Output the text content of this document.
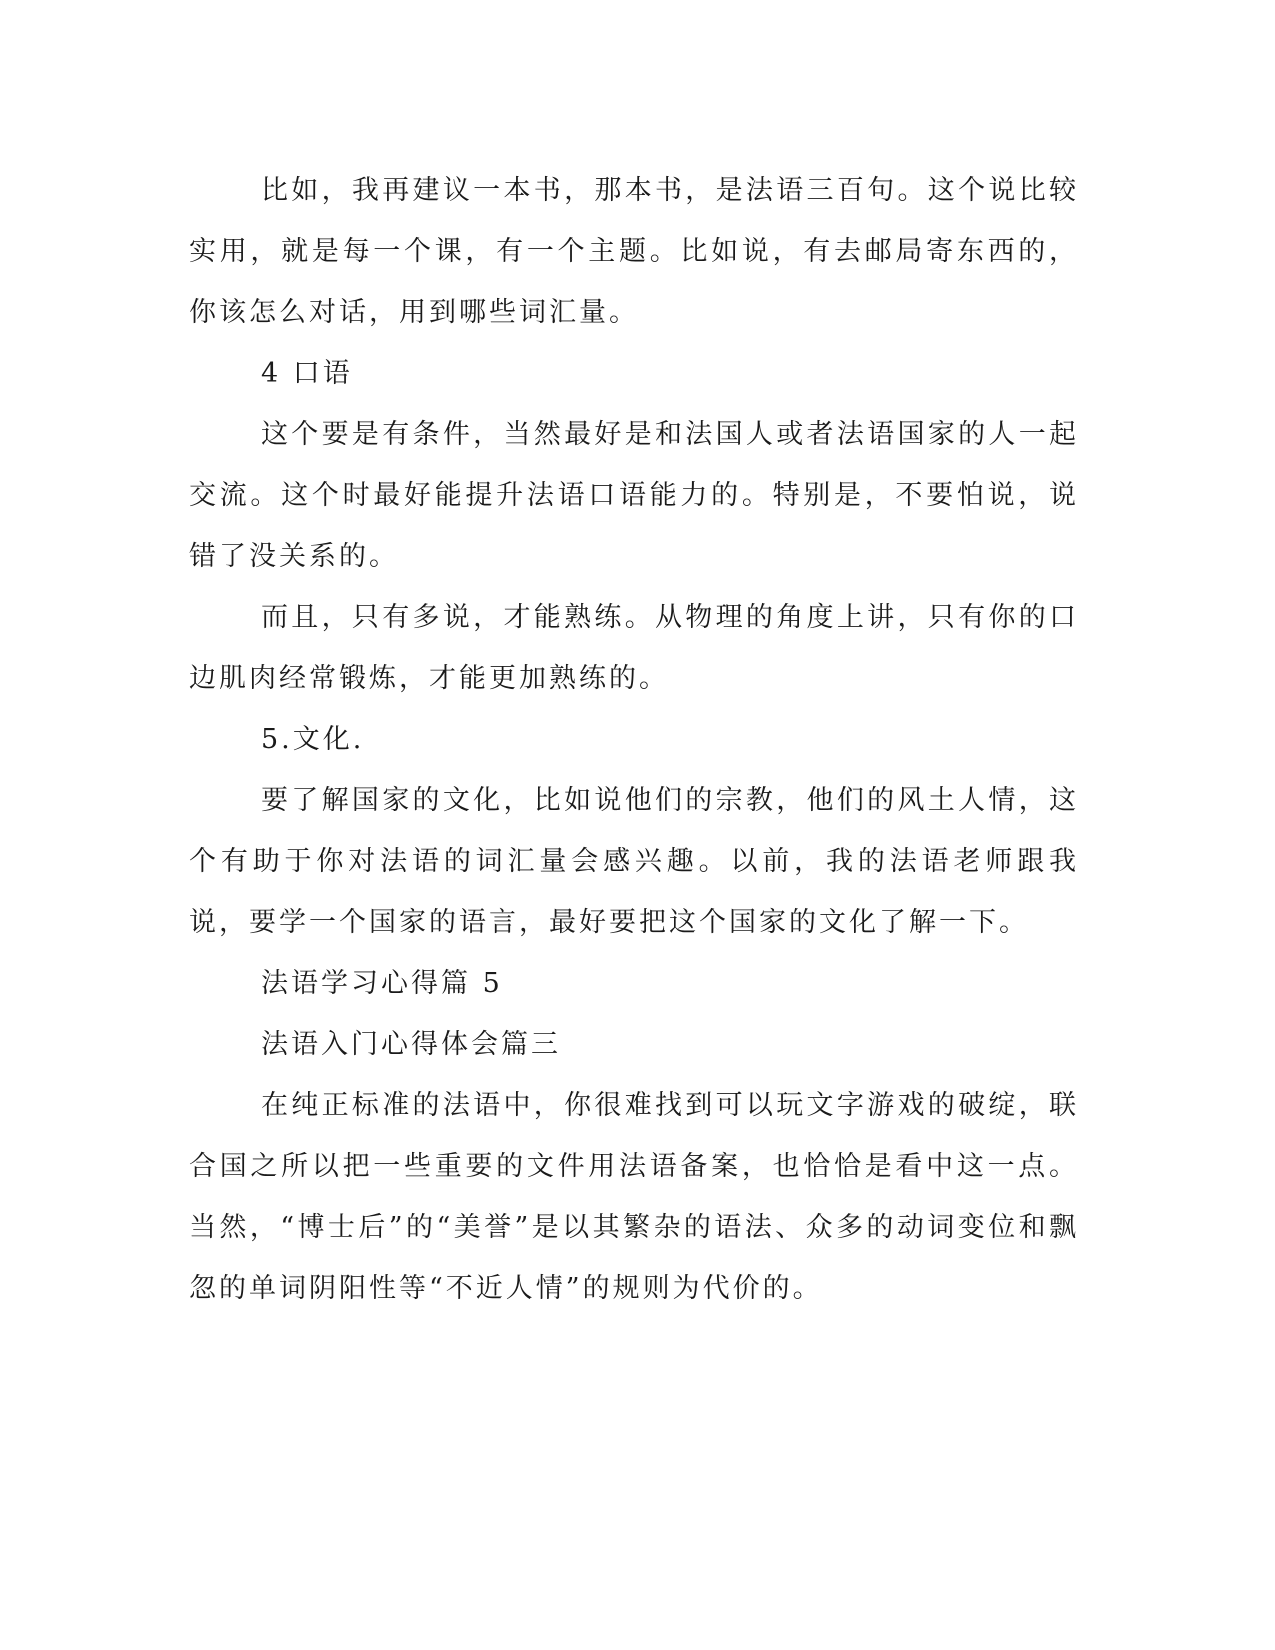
比如，我再建议一本书，那本书，是法语三百句。这个说比较实用，就是每一个课，有一个主题。比如说，有去邮局寄东西的，你该怎么对话，用到哪些词汇量。

4 口语

这个要是有条件，当然最好是和法国人或者法语国家的人一起交流。这个时最好能提升法语口语能力的。特别是，不要怕说，说错了没关系的。

而且，只有多说，才能熟练。从物理的角度上讲，只有你的口边肌肉经常锻炼，才能更加熟练的。

5.文化.

要了解国家的文化，比如说他们的宗教，他们的风土人情，这个有助于你对法语的词汇量会感兴趣。以前，我的法语老师跟我说，要学一个国家的语言，最好要把这个国家的文化了解一下。

法语学习心得篇 5

法语入门心得体会篇三

在纯正标准的法语中，你很难找到可以玩文字游戏的破绽，联合国之所以把一些重要的文件用法语备案，也恰恰是看中这一点。当然，“博士后”的“美誉”是以其繁杂的语法、众多的动词变位和飘忽的单词阴阳性等“不近人情”的规则为代价的。
